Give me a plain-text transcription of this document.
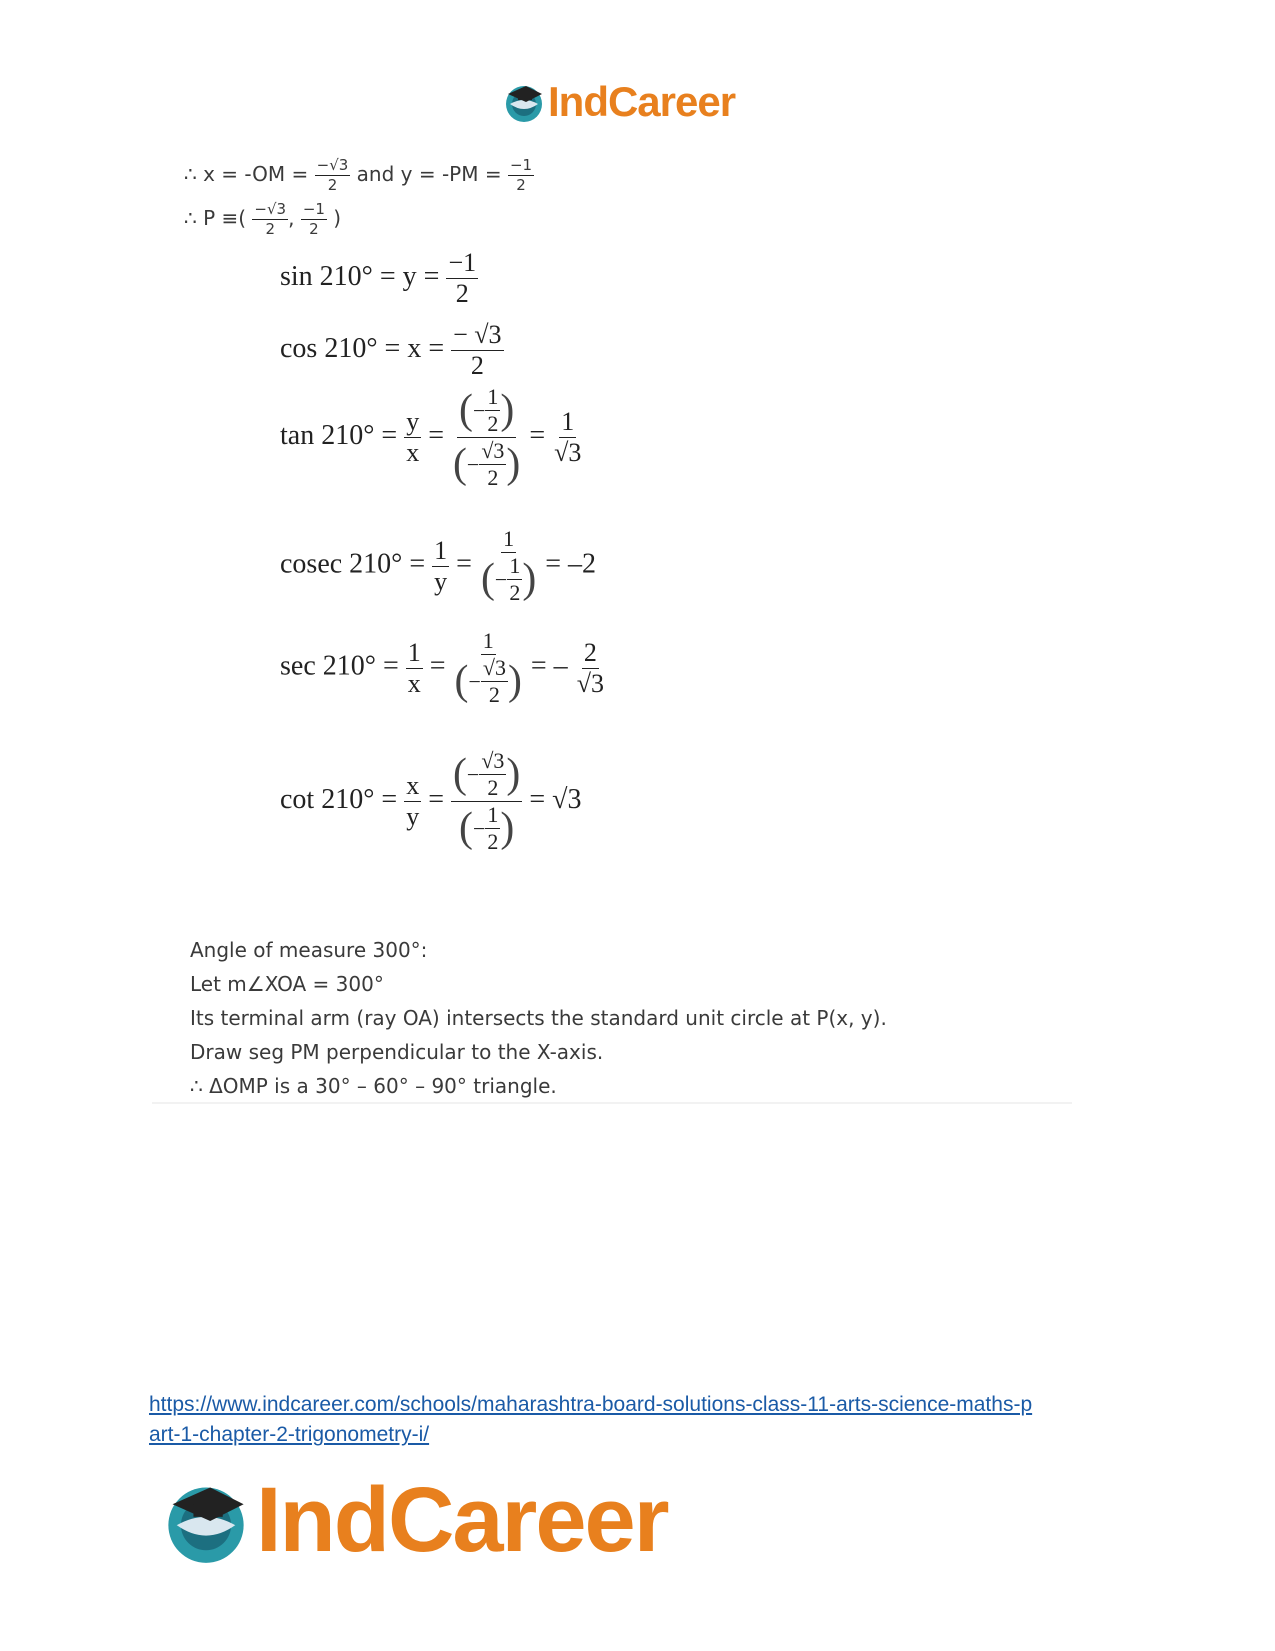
IndCareer
∴ $x = -OM = \frac{-√3}{2}$ and $y = -PM = \frac{-1}{2}$
∴ P ≡( $\frac{-√3}{2}$ , $\frac{-1}{2}$ )
$\sin 210^\circ = y = \frac{-1}{2}$
$\cos 210^\circ = x = \frac{- √3}{2}$
$\tan 210^\circ = \frac{y}{x} = \frac{( - \frac{1}{2} )}{( - \frac{√3}{2} )} = \frac{1}{√3}$
cosec $210^\circ = \frac{1}{y} = \frac{1}{( - \frac{1}{2} )} = -2$
$\sec 210^\circ = \frac{1}{x} = \frac{1}{( - \frac{√3}{2} )}$ = – $\frac{2}{√3}$
$\cot 210^\circ = \frac{x}{y} = \frac{( - \frac{√3}{2} )}{( - \frac{1}{2} )} = √3$
Angle of measure 300°:
Let m∠XOA = 300°
Its terminal arm (ray OA) intersects the standard unit circle at P(x, y).
Draw seg PM perpendicular to the X-axis.
∴ ΔOMP is a 30° – 60° – 90° triangle.
https://www.indcareer.com/schools/maharashtra-board-solutions-class-11-arts-science-maths-p
art-1-chapter-2-trigonometry-i/
IndCareer
